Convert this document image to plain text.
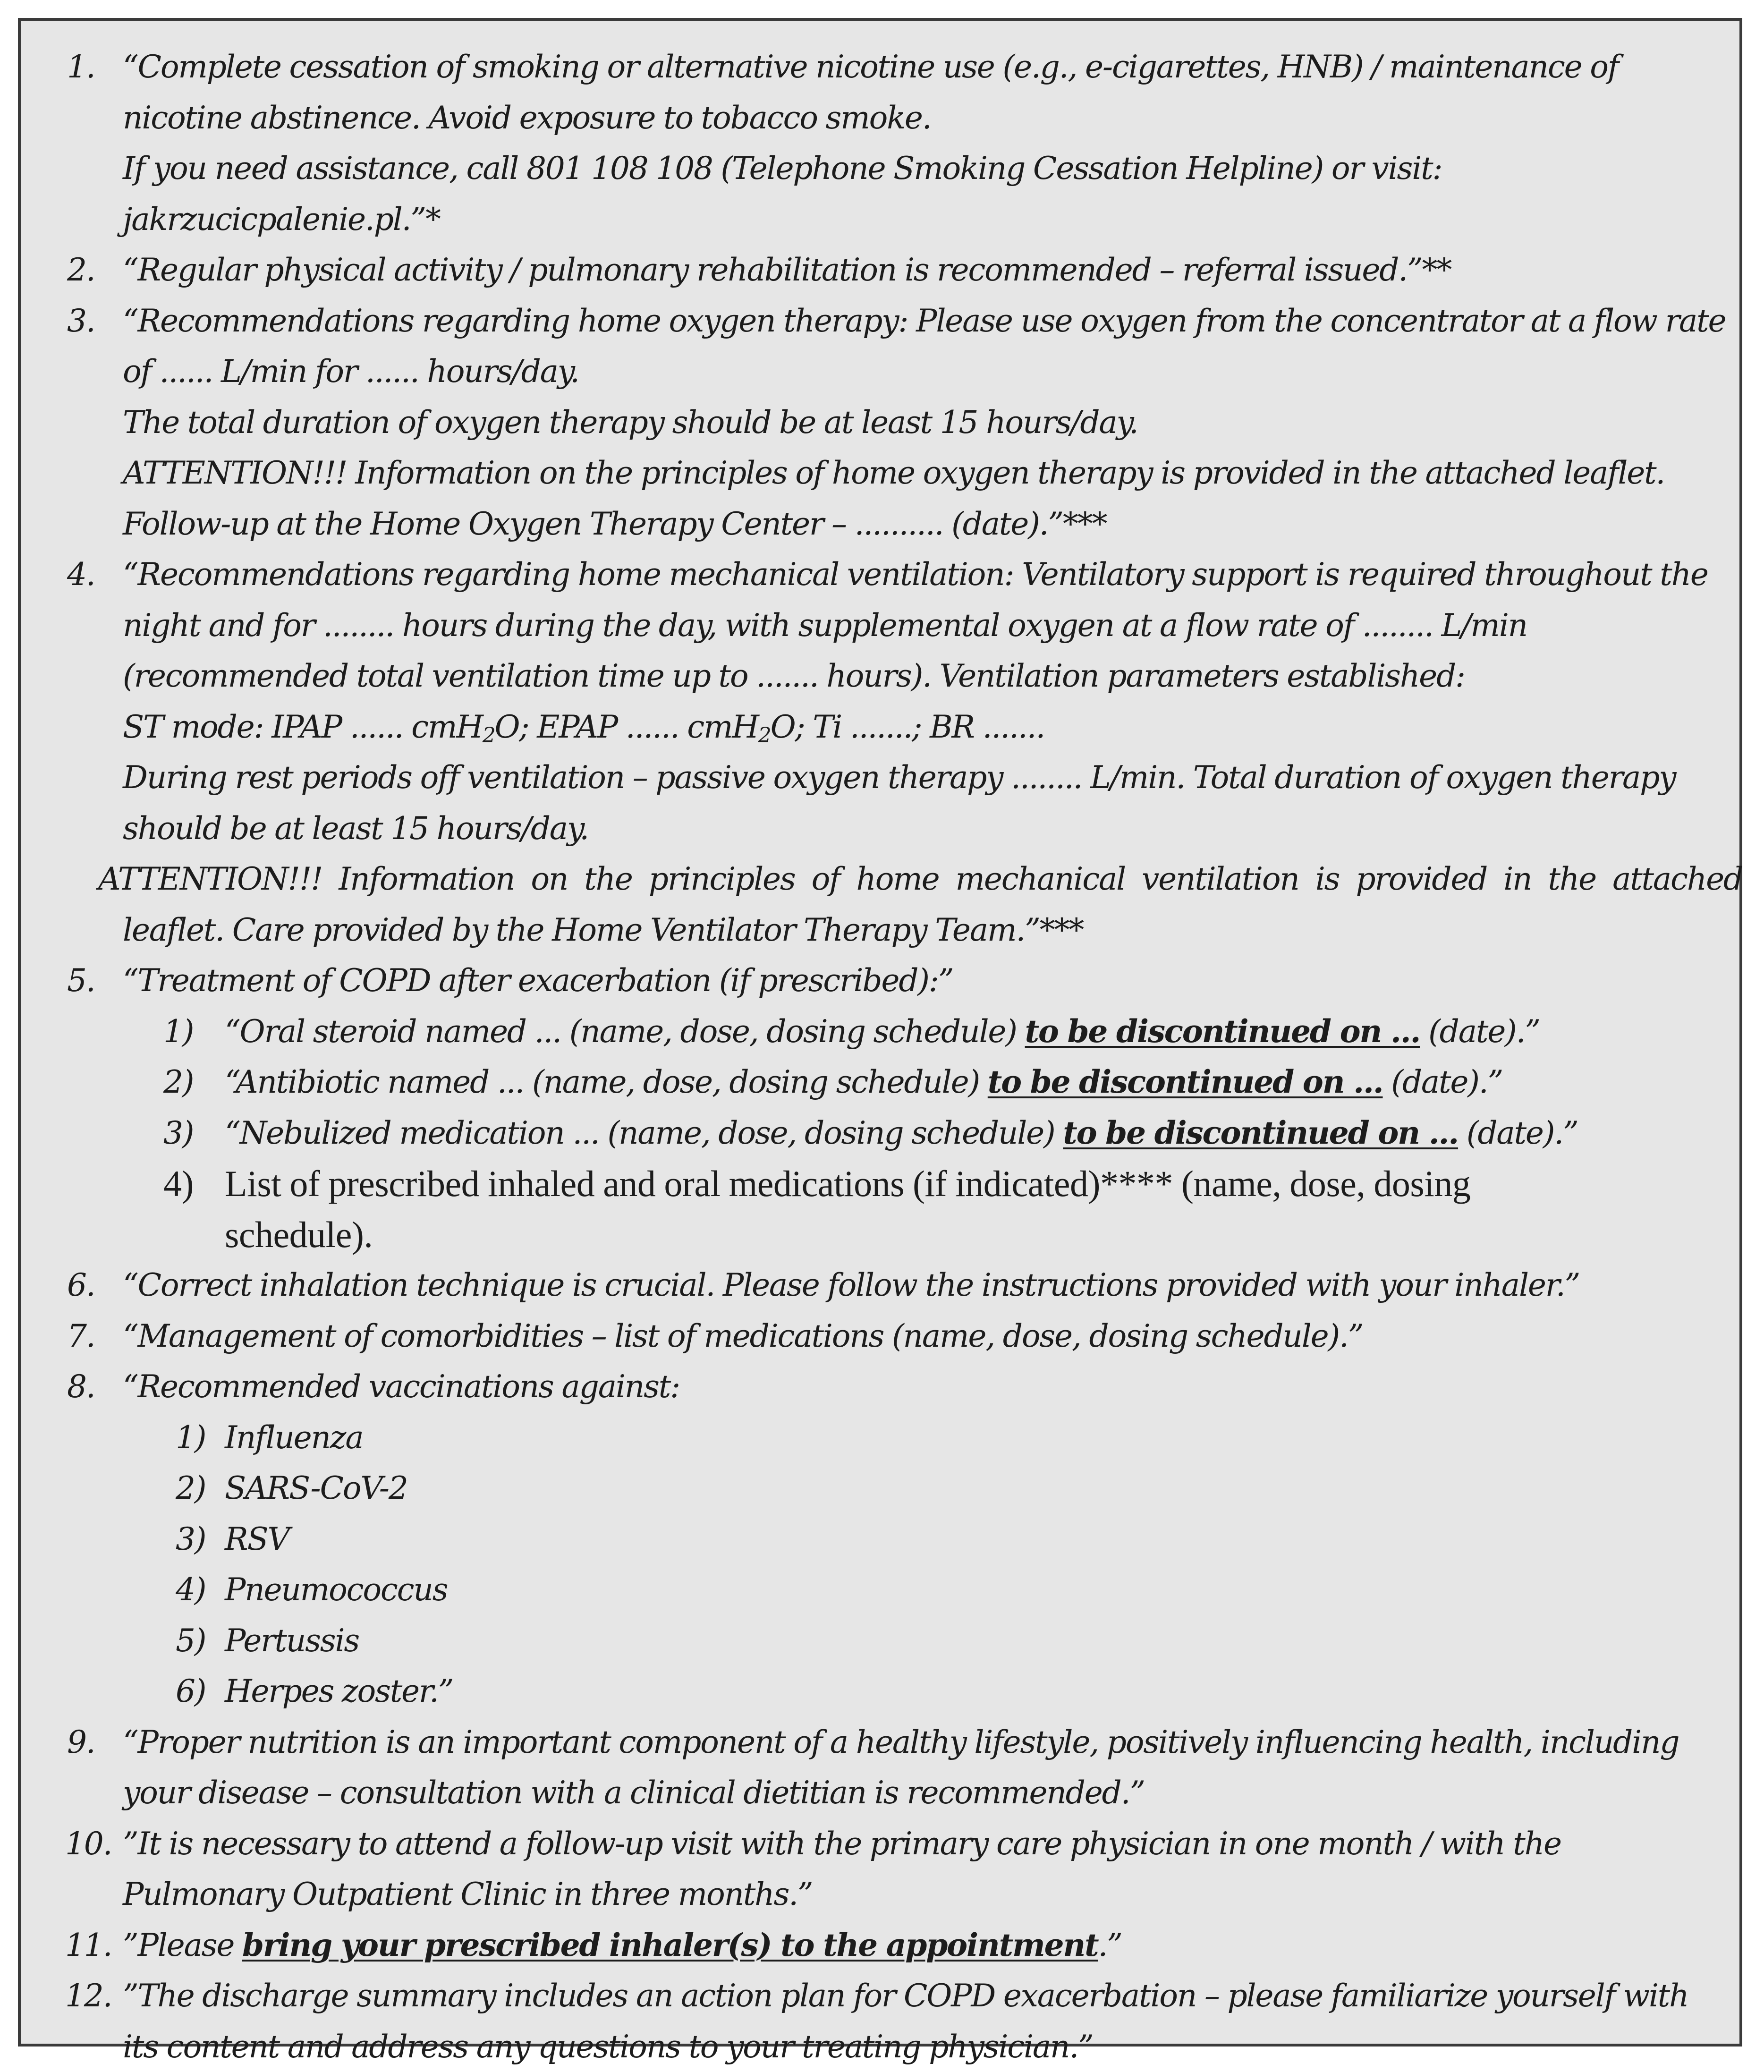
1. “Complete cessation of smoking or alternative nicotine use (e.g., e-cigarettes, HNB) / maintenance of
nicotine abstinence. Avoid exposure to tobacco smoke.
If you need assistance, call 801 108 108 (Telephone Smoking Cessation Helpline) or visit:
jakrzucicpalenie.pl.”*
2. “Regular physical activity / pulmonary rehabilitation is recommended – referral issued.”**
3. “Recommendations regarding home oxygen therapy: Please use oxygen from the concentrator at a flow rate
of ...... L/min for ...... hours/day.
The total duration of oxygen therapy should be at least 15 hours/day.
ATTENTION!!! Information on the principles of home oxygen therapy is provided in the attached leaflet.
Follow-up at the Home Oxygen Therapy Center – .......... (date).”***
4. “Recommendations regarding home mechanical ventilation: Ventilatory support is required throughout the
night and for ........ hours during the day, with supplemental oxygen at a flow rate of ........ L/min
(recommended total ventilation time up to ....... hours). Ventilation parameters established:
ST mode: IPAP ...... cmH$_2$O; EPAP ...... cmH$_2$O; Ti .......; BR .......
During rest periods off ventilation – passive oxygen therapy ........ L/min. Total duration of oxygen therapy
should be at least 15 hours/day.
ATTENTION!!! Information on the principles of home mechanical ventilation is provided in the attached
leaflet. Care provided by the Home Ventilator Therapy Team.”***
5. “Treatment of COPD after exacerbation (if prescribed):”
1) “Oral steroid named ... (name, dose, dosing schedule) to be discontinued on ... (date).”
2) “Antibiotic named ... (name, dose, dosing schedule) to be discontinued on ... (date).”
3) “Nebulized medication ... (name, dose, dosing schedule) to be discontinued on ... (date).”
4) List of prescribed inhaled and oral medications (if indicated)**** (name, dose, dosing
schedule).
6. “Correct inhalation technique is crucial. Please follow the instructions provided with your inhaler.”
7. “Management of comorbidities – list of medications (name, dose, dosing schedule).”
8. “Recommended vaccinations against:
1) Influenza
2) SARS-CoV-2
3) RSV
4) Pneumococcus
5) Pertussis
6) Herpes zoster.”
9. “Proper nutrition is an important component of a healthy lifestyle, positively influencing health, including
your disease – consultation with a clinical dietitian is recommended.”
10. ”It is necessary to attend a follow-up visit with the primary care physician in one month / with the
Pulmonary Outpatient Clinic in three months.”
11. ”Please bring your prescribed inhaler(s) to the appointment.”
12. ”The discharge summary includes an action plan for COPD exacerbation – please familiarize yourself with
its content and address any questions to your treating physician.”
